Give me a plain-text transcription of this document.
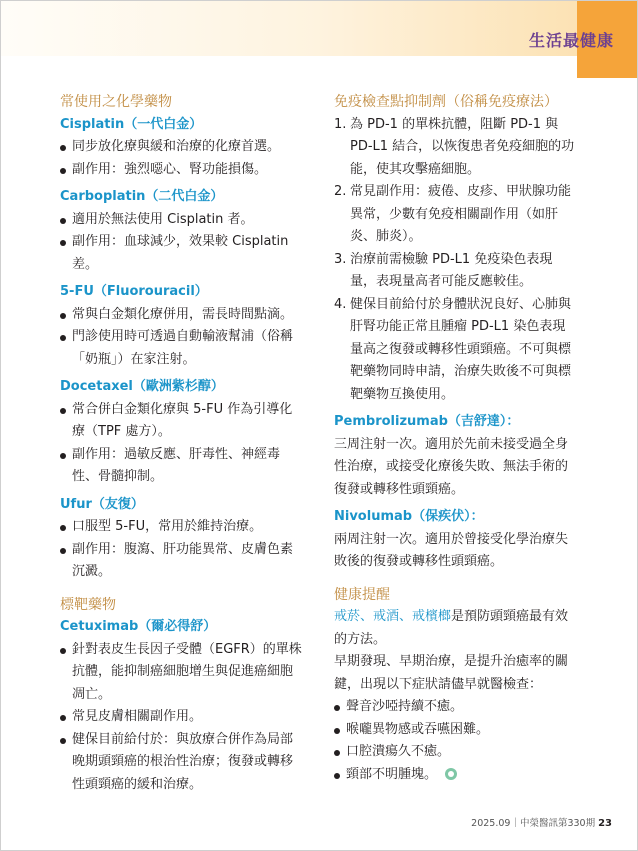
生活最健康
常使用之化學藥物
Cisplatin（一代白金）
同步放化療與緩和治療的化療首選。
副作用：強烈噁心、腎功能損傷。
Carboplatin（二代白金）
適用於無法使用 Cisplatin 者。
副作用：血球減少，效果較 Cisplatin 差。
5-FU（Fluorouracil）
常與白金類化療併用，需長時間點滴。
門診使用時可透過自動輸液幫浦（俗稱「奶瓶」）在家注射。
Docetaxel（歐洲紫杉醇）
常合併白金類化療與 5-FU 作為引導化療（TPF 處方）。
副作用：過敏反應、肝毒性、神經毒性、骨髓抑制。
Ufur（友復）
口服型 5-FU，常用於維持治療。
副作用：腹瀉、肝功能異常、皮膚色素沉澱。
標靶藥物
Cetuximab（爾必得舒）
針對表皮生長因子受體（EGFR）的單株抗體，能抑制癌細胞增生與促進癌細胞凋亡。
常見皮膚相關副作用。
健保目前給付於：與放療合併作為局部晚期頭頸癌的根治性治療；復發或轉移性頭頸癌的緩和治療。
免疫檢查點抑制劑（俗稱免疫療法）
1. 為 PD-1 的單株抗體，阻斷 PD-1 與 PD-L1 結合，以恢復患者免疫細胞的功能，使其攻擊癌細胞。
2. 常見副作用：疲倦、皮疹、甲狀腺功能異常，少數有免疫相關副作用（如肝炎、肺炎）。
3. 治療前需檢驗 PD-L1 免疫染色表現量，表現量高者可能反應較佳。
4. 健保目前給付於身體狀況良好、心肺與肝腎功能正常且腫瘤 PD-L1 染色表現量高之復發或轉移性頭頸癌。不可與標靶藥物同時申請，治療失敗後不可與標靶藥物互換使用。
Pembrolizumab（吉舒達）：

三周注射一次。適用於先前未接受過全身性治療，或接受化療後失敗、無法手術的復發或轉移性頭頸癌。

Nivolumab（保疾伏）：

兩周注射一次。適用於曾接受化學治療失敗後的復發或轉移性頭頸癌。

健康提醒

戒菸、戒酒、戒檳榔是預防頭頸癌最有效的方法。

早期發現、早期治療，是提升治癒率的關鍵，出現以下症狀請儘早就醫檢查：

聲音沙啞持續不癒。
喉嚨異物感或吞嚥困難。
口腔潰瘍久不癒。
頸部不明腫塊。
2025.09｜中榮醫訊第330期 23
